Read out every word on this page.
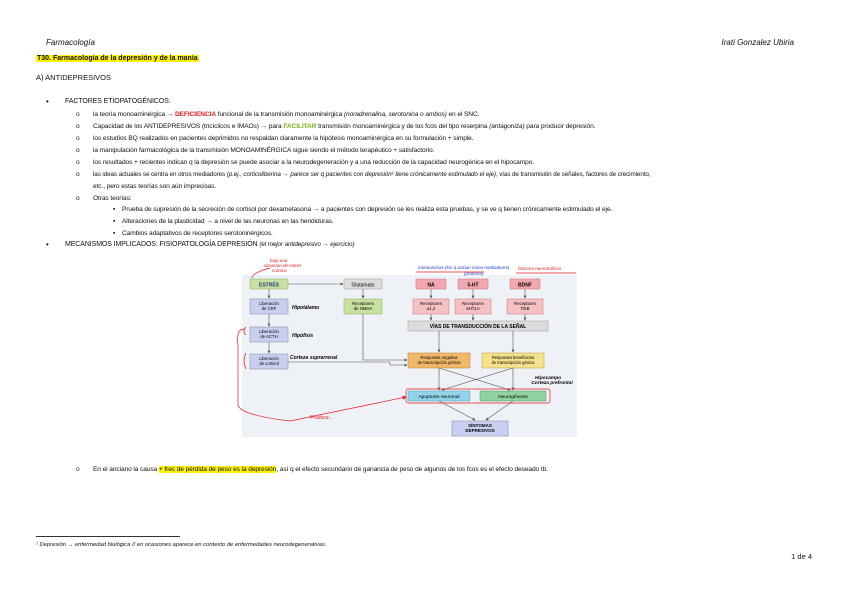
Farmacología	Irati Gonzalez Ubiria
T30. Farmacología de la depresión y de la manía
A) ANTIDEPRESIVOS
• FACTORES ETIOPATOGÉNICOS:
o la teoría monoaminérgica → DEFICIENCIA funcional de la transmisión monoaminérgica (noradrenalina, serotonina o ambos) en el SNC.
o Capacidad de los ANTIDEPRESIVOS (tricíclicos e IMAOs) → para FACILITAR transmisión monoaminérgica y de los fcos del tipo reserpina (antagoniza) para producir depresión.
o los estudios BQ realizados en pacientes deprimidos no respaldan claramente la hipótesis monoaminérgica en su formulación + simple.
o la manipulación farmacológica de la transmisión MONOAMINÉRGICA sigue siendo el método terapéutico + satisfactorio.
o los resultados + recientes indican q la depresión se puede asociar a la neurodegeneración y a una reducción de la capacidad neurogénica en el hipocampo.
o las ideas actuales se centra en otros mediadores (p.ej., corticoliberina → parece ser q pacientes con depresión¹ tiene crónicamente estimulado el eje), vías de transmisión de señales, factores de crecimiento,
etc., pero estas teorías son aún imprecisas.
o Otras teorías:
▪ Prueba de supresión de la secreción de cortisol por dexametasona → a pacientes con depresión se les realiza esta pruebas, y se ve q tienen crónicamente estimulado el eje.
▪ Alteraciones de la plasticidad → a nivel de las neuronas en las hendiduras.
▪ Cambios adaptativos de receptores serotoninérgicos.
• MECANISMOS IMPLICADOS: FISIOPATOLOGÍA DEPRESIÓN (el mejor antidepresivo → ejercicio)
bajo una situación de estrés crónico
monoaminas (los q actúan como mediadores)
(proteína)
factores neurotróficos
Produce...
ESTRÉS	Glutamato	NA	5-HT	BDNF
Liberación de CRF	Hipotálamo
Receptores de NMDA
Receptores α1,2
Receptores 5HT1A
Receptores TrkB
Liberación de ACTH	Hipófisis
VÍAS DE TRANSDUCCIÓN DE LA SEÑAL
Liberación de cortisol
Corteza suprarrenal	Respuesta negativa de transcripción génica
Respuesta beneficiosa de transcripción génica
Hipocampo Corteza prefrontal
Apoptosis neuronal	Neurogénesis
SÍNTOMAS DEPRESIVOS
o En el anciano la causa + frec de pérdida de peso es la depresión, así q el efecto secundario de ganancia de peso de algunos de los fcos es el efecto deseado tb.
¹ Depresión → enfermedad biológica // en ocasiones aparece en contexto de enfermedades neurodegenerativas.
1 de 4
